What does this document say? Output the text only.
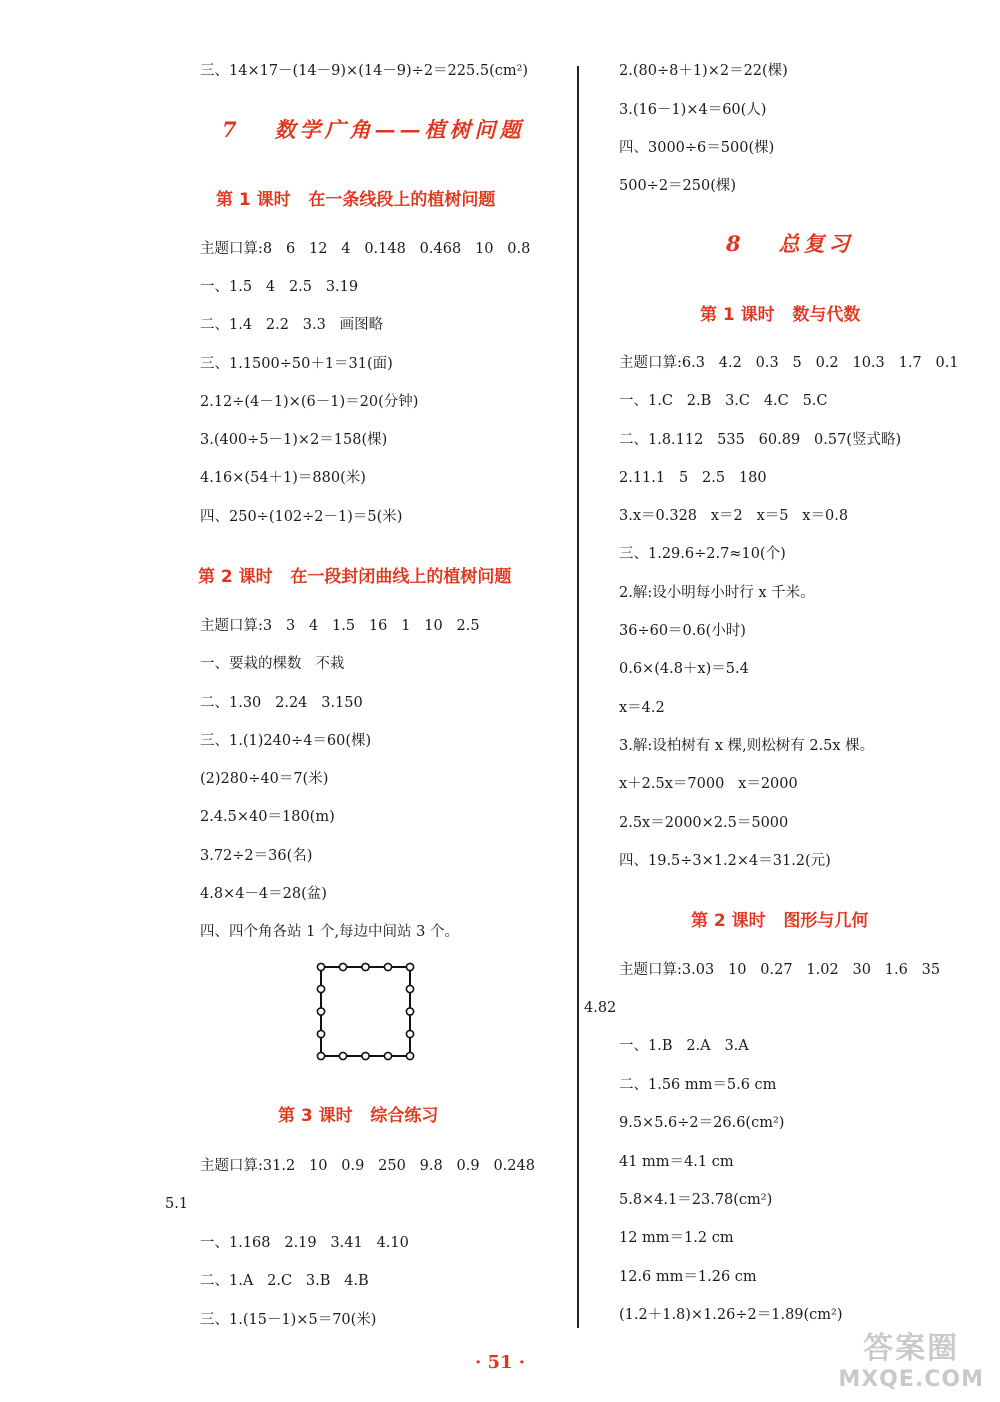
三、14×17－(14－9)×(14－9)÷2＝225.5(cm²)
7   数学广角——植树问题
第 1 课时   在一条线段上的植树问题
主题口算:8   6   12   4   0.148   0.468   10   0.8
一、1.5   4   2.5   3.19
二、1.4   2.2   3.3   画图略
三、1.1500÷50＋1＝31(面)
2.12÷(4－1)×(6－1)＝20(分钟)
3.(400÷5－1)×2＝158(棵)
4.16×(54＋1)＝880(米)
四、250÷(102÷2－1)＝5(米)
第 2 课时   在一段封闭曲线上的植树问题
主题口算:3   3   4   1.5   16   1   10   2.5
一、要栽的棵数   不栽
二、1.30   2.24   3.150
三、1.(1)240÷4＝60(棵)
(2)280÷40＝7(米)
2.4.5×40＝180(m)
3.72÷2＝36(名)
4.8×4－4＝28(盆)
四、四个角各站 1 个,每边中间站 3 个。
第 3 课时   综合练习
主题口算:31.2   10   0.9   250   9.8   0.9   0.248
5.1
一、1.168   2.19   3.41   4.10
二、1.A   2.C   3.B   4.B
三、1.(15－1)×5＝70(米)
2.(80÷8＋1)×2＝22(棵)
3.(16－1)×4＝60(人)
四、3000÷6＝500(棵)
500÷2＝250(棵)
8   总复习
第 1 课时   数与代数
主题口算:6.3   4.2   0.3   5   0.2   10.3   1.7   0.1
一、1.C   2.B   3.C   4.C   5.C
二、1.8.112   535   60.89   0.57(竖式略)
2.11.1   5   2.5   180
3.x＝0.328   x＝2   x＝5   x＝0.8
三、1.29.6÷2.7≈10(个)
2.解:设小明每小时行 x 千米。
36÷60＝0.6(小时)
0.6×(4.8＋x)＝5.4
x＝4.2
3.解:设柏树有 x 棵,则松树有 2.5x 棵。
x＋2.5x＝7000   x＝2000
2.5x＝2000×2.5＝5000
四、19.5÷3×1.2×4＝31.2(元)
第 2 课时   图形与几何
主题口算:3.03   10   0.27   1.02   30   1.6   35
4.82
一、1.B   2.A   3.A
二、1.56 mm＝5.6 cm
9.5×5.6÷2＝26.6(cm²)
41 mm＝4.1 cm
5.8×4.1＝23.78(cm²)
12 mm＝1.2 cm
12.6 mm＝1.26 cm
(1.2＋1.8)×1.26÷2＝1.89(cm²)
· 51 ·	答案圈
MXQE.COM
